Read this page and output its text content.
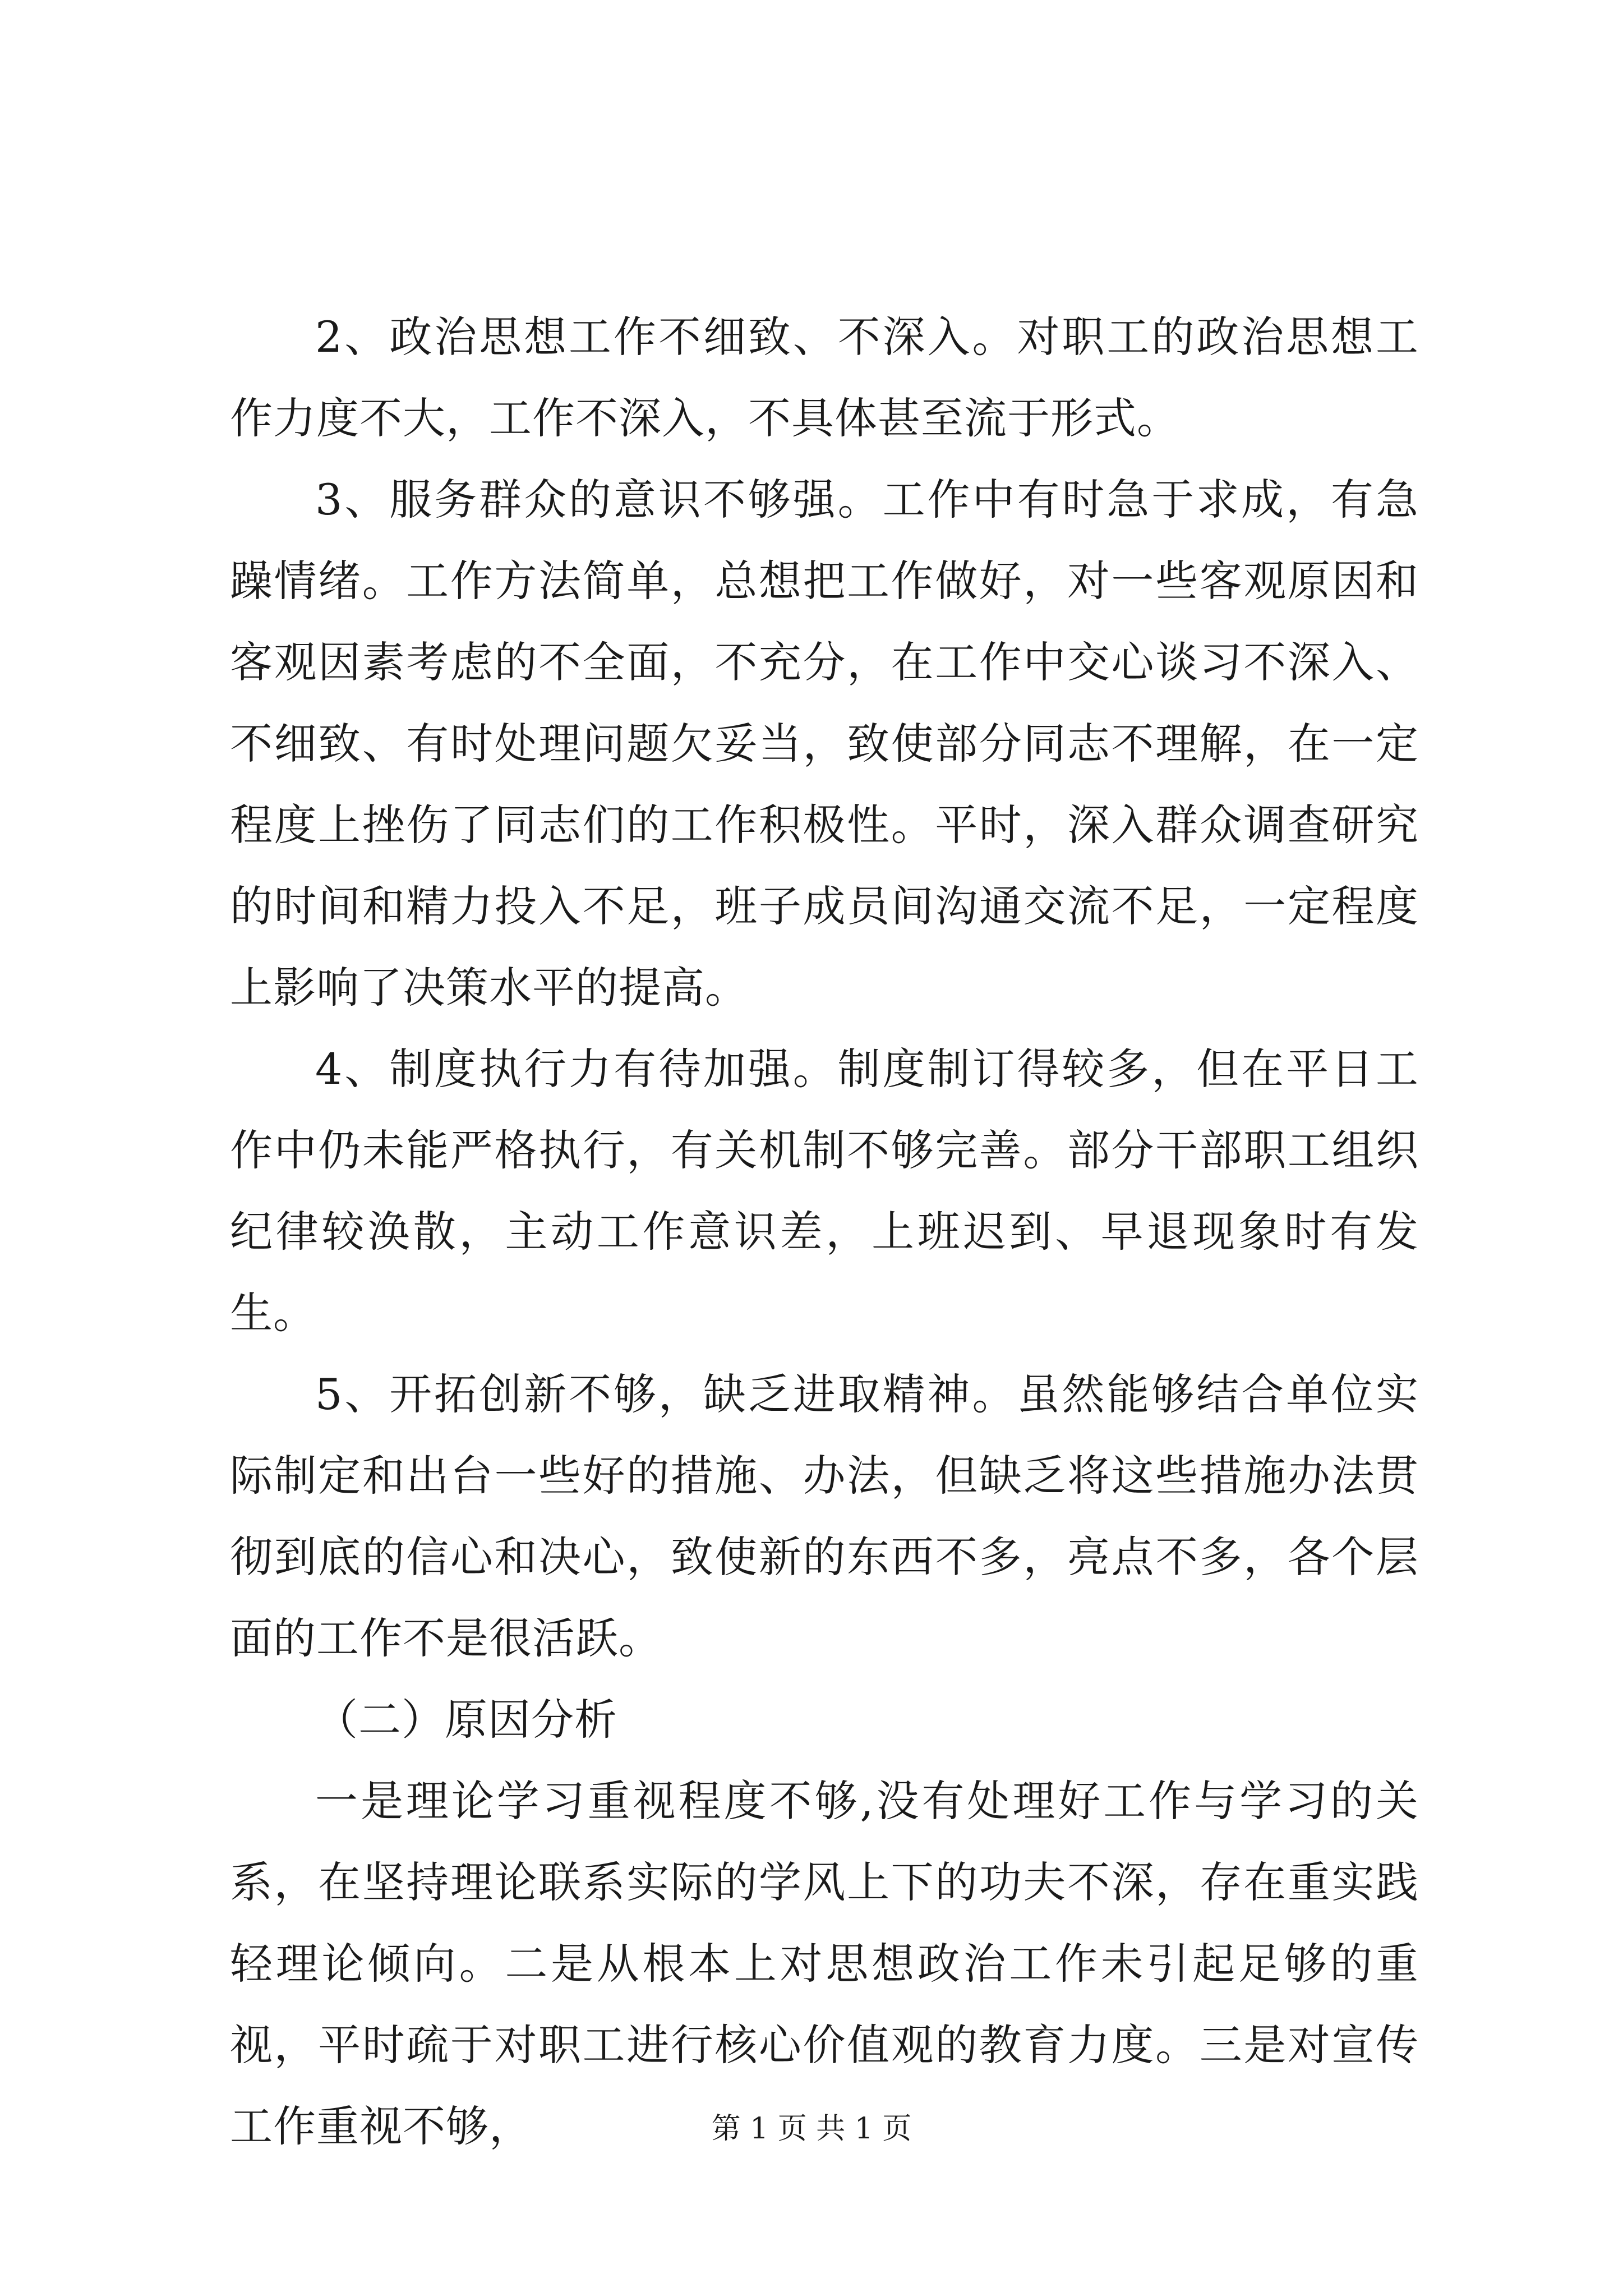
2、政治思想工作不细致、不深入。对职工的政治思想工作力度不大，工作不深入，不具体甚至流于形式。

3、服务群众的意识不够强。工作中有时急于求成，有急躁情绪。工作方法简单，总想把工作做好，对一些客观原因和客观因素考虑的不全面，不充分，在工作中交心谈习不深入、不细致、有时处理问题欠妥当，致使部分同志不理解，在一定程度上挫伤了同志们的工作积极性。平时，深入群众调查研究的时间和精力投入不足，班子成员间沟通交流不足，一定程度上影响了决策水平的提高。

4、制度执行力有待加强。制度制订得较多，但在平日工作中仍未能严格执行，有关机制不够完善。部分干部职工组织纪律较涣散，主动工作意识差，上班迟到、早退现象时有发生。

5、开拓创新不够，缺乏进取精神。虽然能够结合单位实际制定和出台一些好的措施、办法，但缺乏将这些措施办法贯彻到底的信心和决心，致使新的东西不多，亮点不多，各个层面的工作不是很活跃。

（二）原因分析

一是理论学习重视程度不够,没有处理好工作与学习的关系，在坚持理论联系实际的学风上下的功夫不深，存在重实践轻理论倾向。二是从根本上对思想政治工作未引起足够的重视，平时疏于对职工进行核心价值观的教育力度。三是对宣传工作重视不够，	第 1 页 共 1 页
